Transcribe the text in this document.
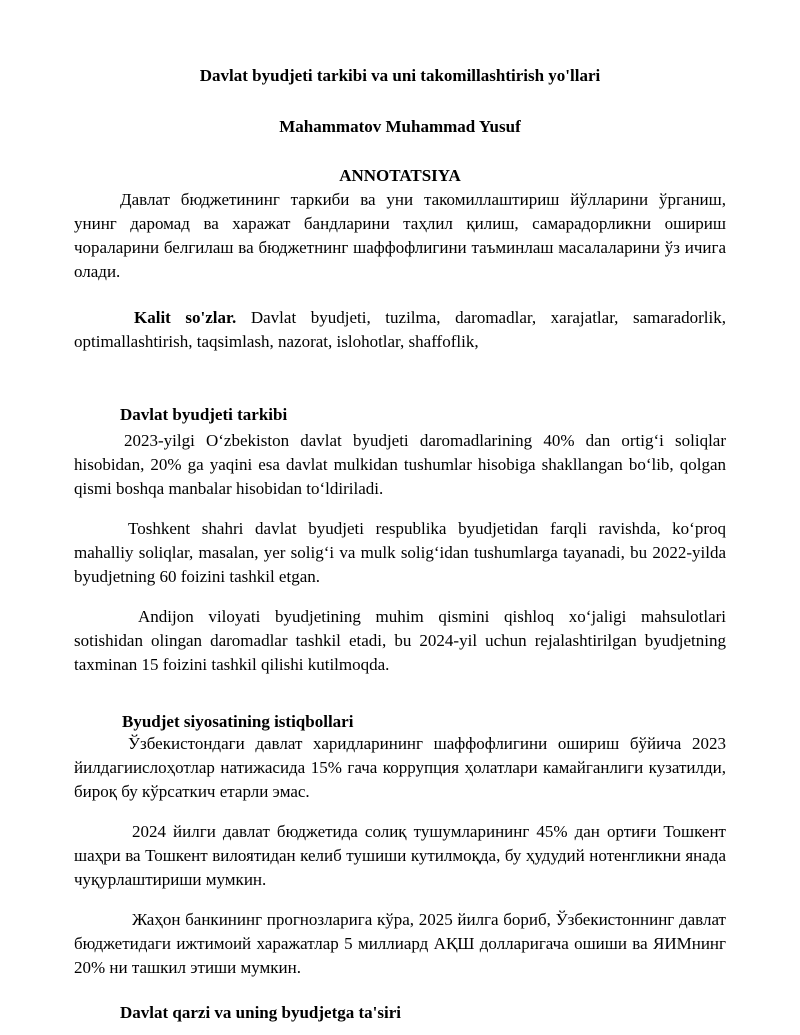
Davlat byudjeti tarkibi va uni takomillashtirish yo'llari
Mahammatov Muhammad Yusuf
ANNOTATSIYA
Давлат бюджетининг таркиби ва уни такомиллаштириш йўлларини ўрганиш, унинг даромад ва харажат бандларини таҳлил қилиш, самарадорликни ошириш чораларини белгилаш ва бюджетнинг шаффофлигини таъминлаш масалаларини ўз ичига олади.
Kalit so'zlar. Davlat byudjeti, tuzilma, daromadlar, xarajatlar, samaradorlik, optimallashtirish, taqsimlash, nazorat, islohotlar, shaffoflik,
Davlat byudjeti tarkibi
2023-yilgi O‘zbekiston davlat byudjeti daromadlarining 40% dan ortig‘i soliqlar hisobidan, 20% ga yaqini esa davlat mulkidan tushumlar hisobiga shakllangan bo‘lib, qolgan qismi boshqa manbalar hisobidan to‘ldiriladi.
Toshkent shahri davlat byudjeti respublika byudjetidan farqli ravishda, ko‘proq mahalliy soliqlar, masalan, yer solig‘i va mulk solig‘idan tushumlarga tayanadi, bu 2022-yilda byudjetning 60 foizini tashkil etgan.
Andijon viloyati byudjetining muhim qismini qishloq xo‘jaligi mahsulotlari sotishidan olingan daromadlar tashkil etadi, bu 2024-yil uchun rejalashtirilgan byudjetning taxminan 15 foizini tashkil qilishi kutilmoqda.
Byudjet siyosatining istiqbollari
Ўзбекистондаги давлат харидларининг шаффофлигини ошириш бўйича 2023 йилдагиислоҳотлар натижасида 15% гача коррупция ҳолатлари камайганлиги кузатилди, бироқ бу кўрсаткич етарли эмас.
2024 йилги давлат бюджетида солиқ тушумларининг 45% дан ортиғи Тошкент шаҳри ва Тошкент вилоятидан келиб тушиши кутилмоқда, бу ҳудудий нотенгликни янада чуқурлаштириши мумкин.
Жаҳон банкининг прогнозларига кўра, 2025 йилга бориб, Ўзбекистоннинг давлат бюджетидаги ижтимоий харажатлар 5 миллиард АҚШ долларигача ошиши ва ЯИМнинг 20% ни ташкил этиши мумкин.
Davlat qarzi va uning byudjetga ta'siri
